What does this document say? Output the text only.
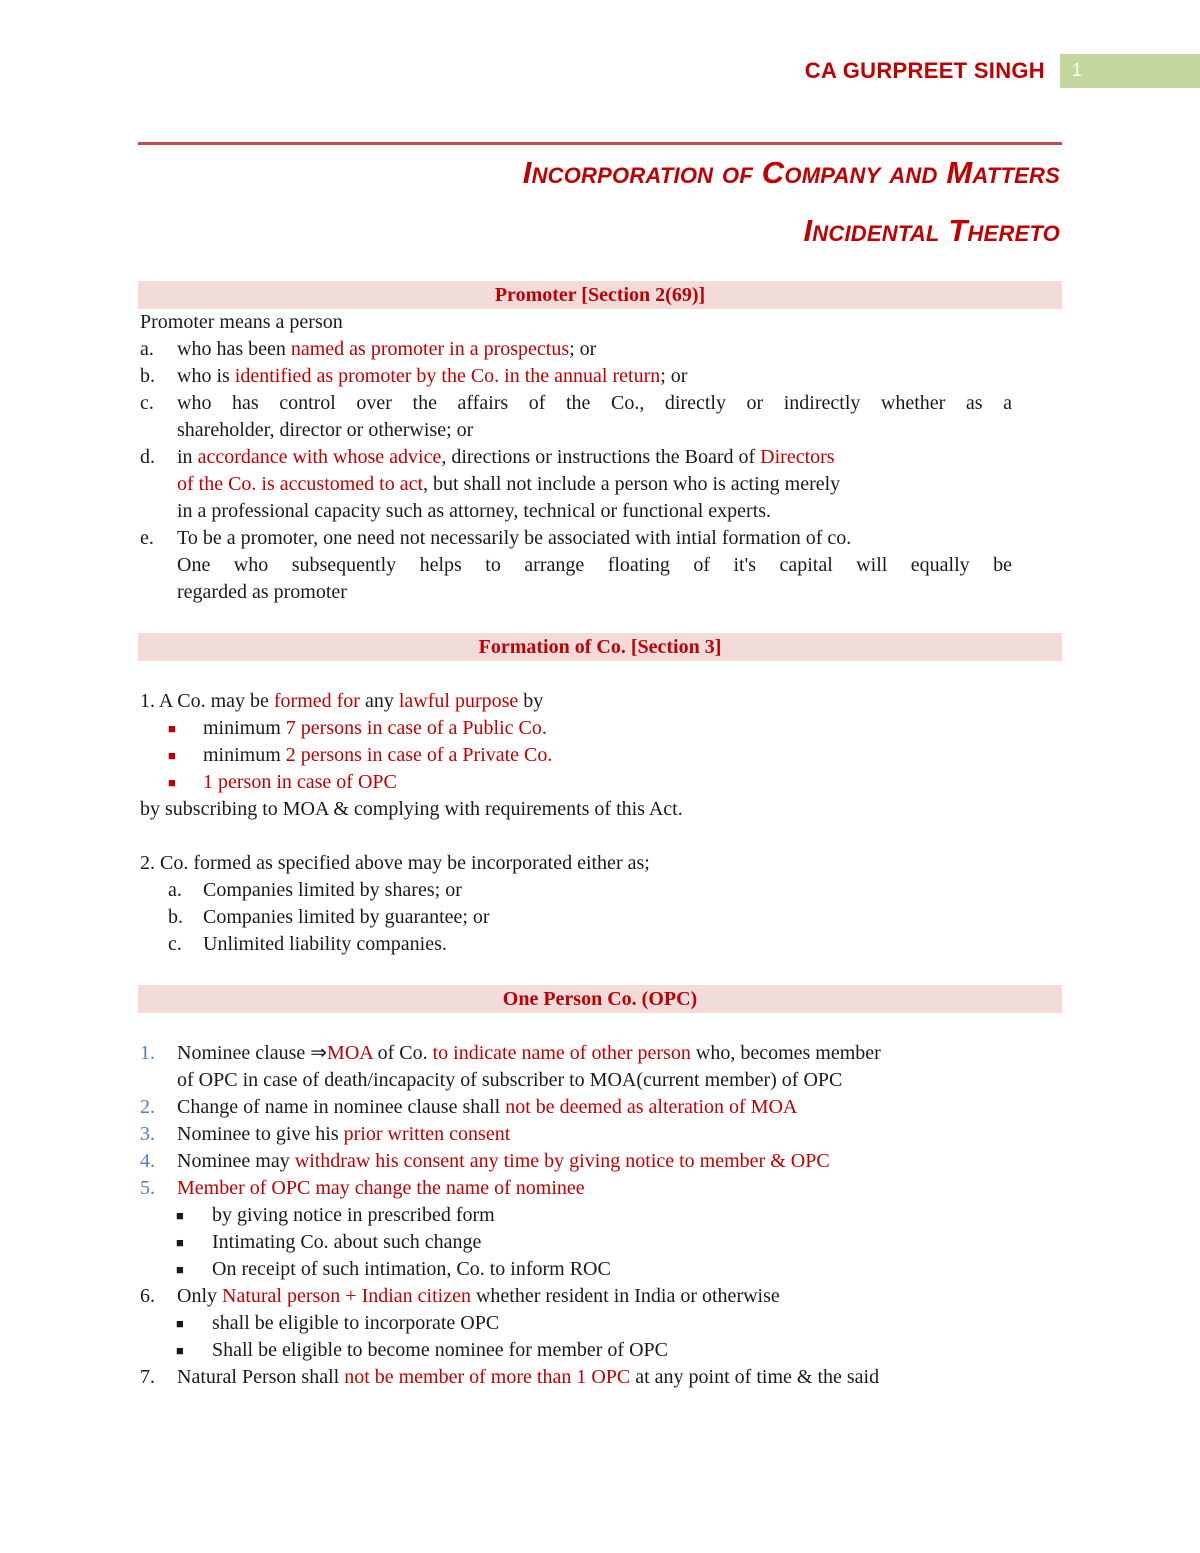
CA GURPREET SINGH 1
Incorporation of Company and Matters
Incidental Thereto
Promoter [Section 2(69)]
Promoter means a person
a. who has been named as promoter in a prospectus; or
b. who is identified as promoter by the Co. in the annual return; or
c. who has control over the affairs of the Co., directly or indirectly whether as a
shareholder, director or otherwise; or
d. in accordance with whose advice, directions or instructions the Board of Directors
of the Co. is accustomed to act, but shall not include a person who is acting merely
in a professional capacity such as attorney, technical or functional experts.
e. To be a promoter, one need not necessarily be associated with intial formation of co.
One who subsequently helps to arrange floating of it's capital will equally be
regarded as promoter
Formation of Co. [Section 3]
1. A Co. may be formed for any lawful purpose by
■ minimum 7 persons in case of a Public Co.
■ minimum 2 persons in case of a Private Co.
■ 1 person in case of OPC
by subscribing to MOA & complying with requirements of this Act.
2. Co. formed as specified above may be incorporated either as;
a. Companies limited by shares; or
b. Companies limited by guarantee; or
c. Unlimited liability companies.
One Person Co. (OPC)
1. Nominee clause ⇒MOA of Co. to indicate name of other person who, becomes member
of OPC in case of death/incapacity of subscriber to MOA(current member) of OPC
2. Change of name in nominee clause shall not be deemed as alteration of MOA
3. Nominee to give his prior written consent
4. Nominee may withdraw his consent any time by giving notice to member & OPC
5. Member of OPC may change the name of nominee
■ by giving notice in prescribed form
■ Intimating Co. about such change
■ On receipt of such intimation, Co. to inform ROC
6. Only Natural person + Indian citizen whether resident in India or otherwise
■ shall be eligible to incorporate OPC
■ Shall be eligible to become nominee for member of OPC
7. Natural Person shall not be member of more than 1 OPC at any point of time & the said
